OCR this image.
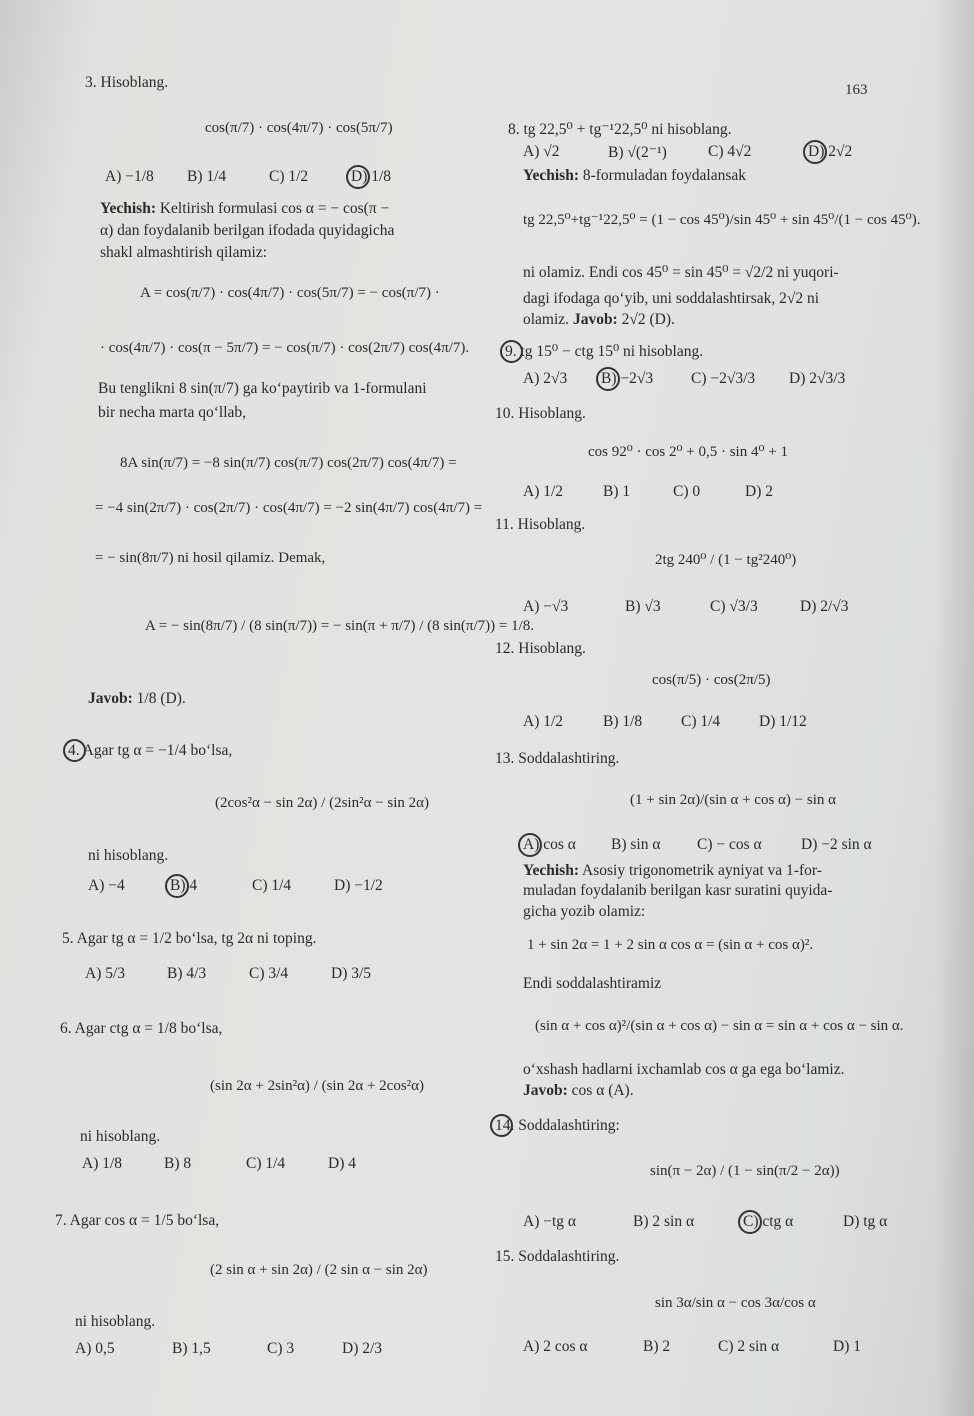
163
3. Hisoblang.
cos(π/7) · cos(4π/7) · cos(5π/7)
A) −1/8	B) 1/4	C) 1/2	D) 1/8
Yechish: Keltirish formulasi cos α = − cos(π −
α) dan foydalanib berilgan ifodada quyidagicha
shakl almashtirish qilamiz:
A = cos(π/7) · cos(4π/7) · cos(5π/7) = − cos(π/7) ·
· cos(4π/7) · cos(π − 5π/7) = − cos(π/7) · cos(2π/7) cos(4π/7).
Bu tenglikni 8 sin(π/7) ga ko‘paytirib va 1-formulani
bir necha marta qo‘llab,
8A sin(π/7) = −8 sin(π/7) cos(π/7) cos(2π/7) cos(4π/7) =
= −4 sin(2π/7) · cos(2π/7) · cos(4π/7) = −2 sin(4π/7) cos(4π/7) =
= − sin(8π/7) ni hosil qilamiz. Demak,
A = − sin(8π/7) / (8 sin(π/7)) = − sin(π + π/7) / (8 sin(π/7)) = 1/8.
Javob: 1/8 (D).
4. Agar tg α = −1/4 bo‘lsa,
(2cos²α − sin 2α) / (2sin²α − sin 2α)
ni hisoblang.
A) −4	B) 4	C) 1/4	D) −1/2
5. Agar tg α = 1/2 bo‘lsa, tg 2α ni toping.
A) 5/3	B) 4/3	C) 3/4	D) 3/5
6. Agar ctg α = 1/8 bo‘lsa,
(sin 2α + 2sin²α) / (sin 2α + 2cos²α)
ni hisoblang.
A) 1/8	B) 8	C) 1/4	D) 4
7. Agar cos α = 1/5 bo‘lsa,
(2 sin α + sin 2α) / (2 sin α − sin 2α)
ni hisoblang.
A) 0,5	B) 1,5	C) 3	D) 2/3
8. tg 22,5⁰ + tg⁻¹22,5⁰ ni hisoblang.
A) √2	B) √(2⁻¹)	C) 4√2	D) 2√2
Yechish: 8-formuladan foydalansak
tg 22,5⁰+tg⁻¹22,5⁰ = (1 − cos 45⁰)/sin 45⁰ + sin 45⁰/(1 − cos 45⁰).
ni olamiz. Endi cos 45⁰ = sin 45⁰ = √2/2 ni yuqori-
dagi ifodaga qo‘yib, uni soddalashtirsak, 2√2 ni
olamiz. Javob: 2√2 (D).
9. tg 15⁰ − ctg 15⁰ ni hisoblang.
A) 2√3	B) −2√3	C) −2√3/3	D) 2√3/3
10. Hisoblang.
cos 92⁰ · cos 2⁰ + 0,5 · sin 4⁰ + 1
A) 1/2	B) 1	C) 0	D) 2
11. Hisoblang.
2tg 240⁰ / (1 − tg²240⁰)
A) −√3	B) √3	C) √3/3	D) 2/√3
12. Hisoblang.
cos(π/5) · cos(2π/5)
A) 1/2	B) 1/8	C) 1/4	D) 1/12
13. Soddalashtiring.
(1 + sin 2α)/(sin α + cos α) − sin α
A) cos α	B) sin α	C) − cos α	D) −2 sin α
Yechish: Asosiy trigonometrik ayniyat va 1-for-
muladan foydalanib berilgan kasr suratini quyida-
gicha yozib olamiz:
1 + sin 2α = 1 + 2 sin α cos α = (sin α + cos α)².
Endi soddalashtiramiz
(sin α + cos α)²/(sin α + cos α) − sin α = sin α + cos α − sin α.
o‘xshash hadlarni ixchamlab cos α ga ega bo‘lamiz.
Javob: cos α (A).
14. Soddalashtiring:
sin(π − 2α) / (1 − sin(π/2 − 2α))
A) −tg α	B) 2 sin α	C) ctg α	D) tg α
15. Soddalashtiring.
sin 3α/sin α − cos 3α/cos α
A) 2 cos α	B) 2	C) 2 sin α	D) 1
